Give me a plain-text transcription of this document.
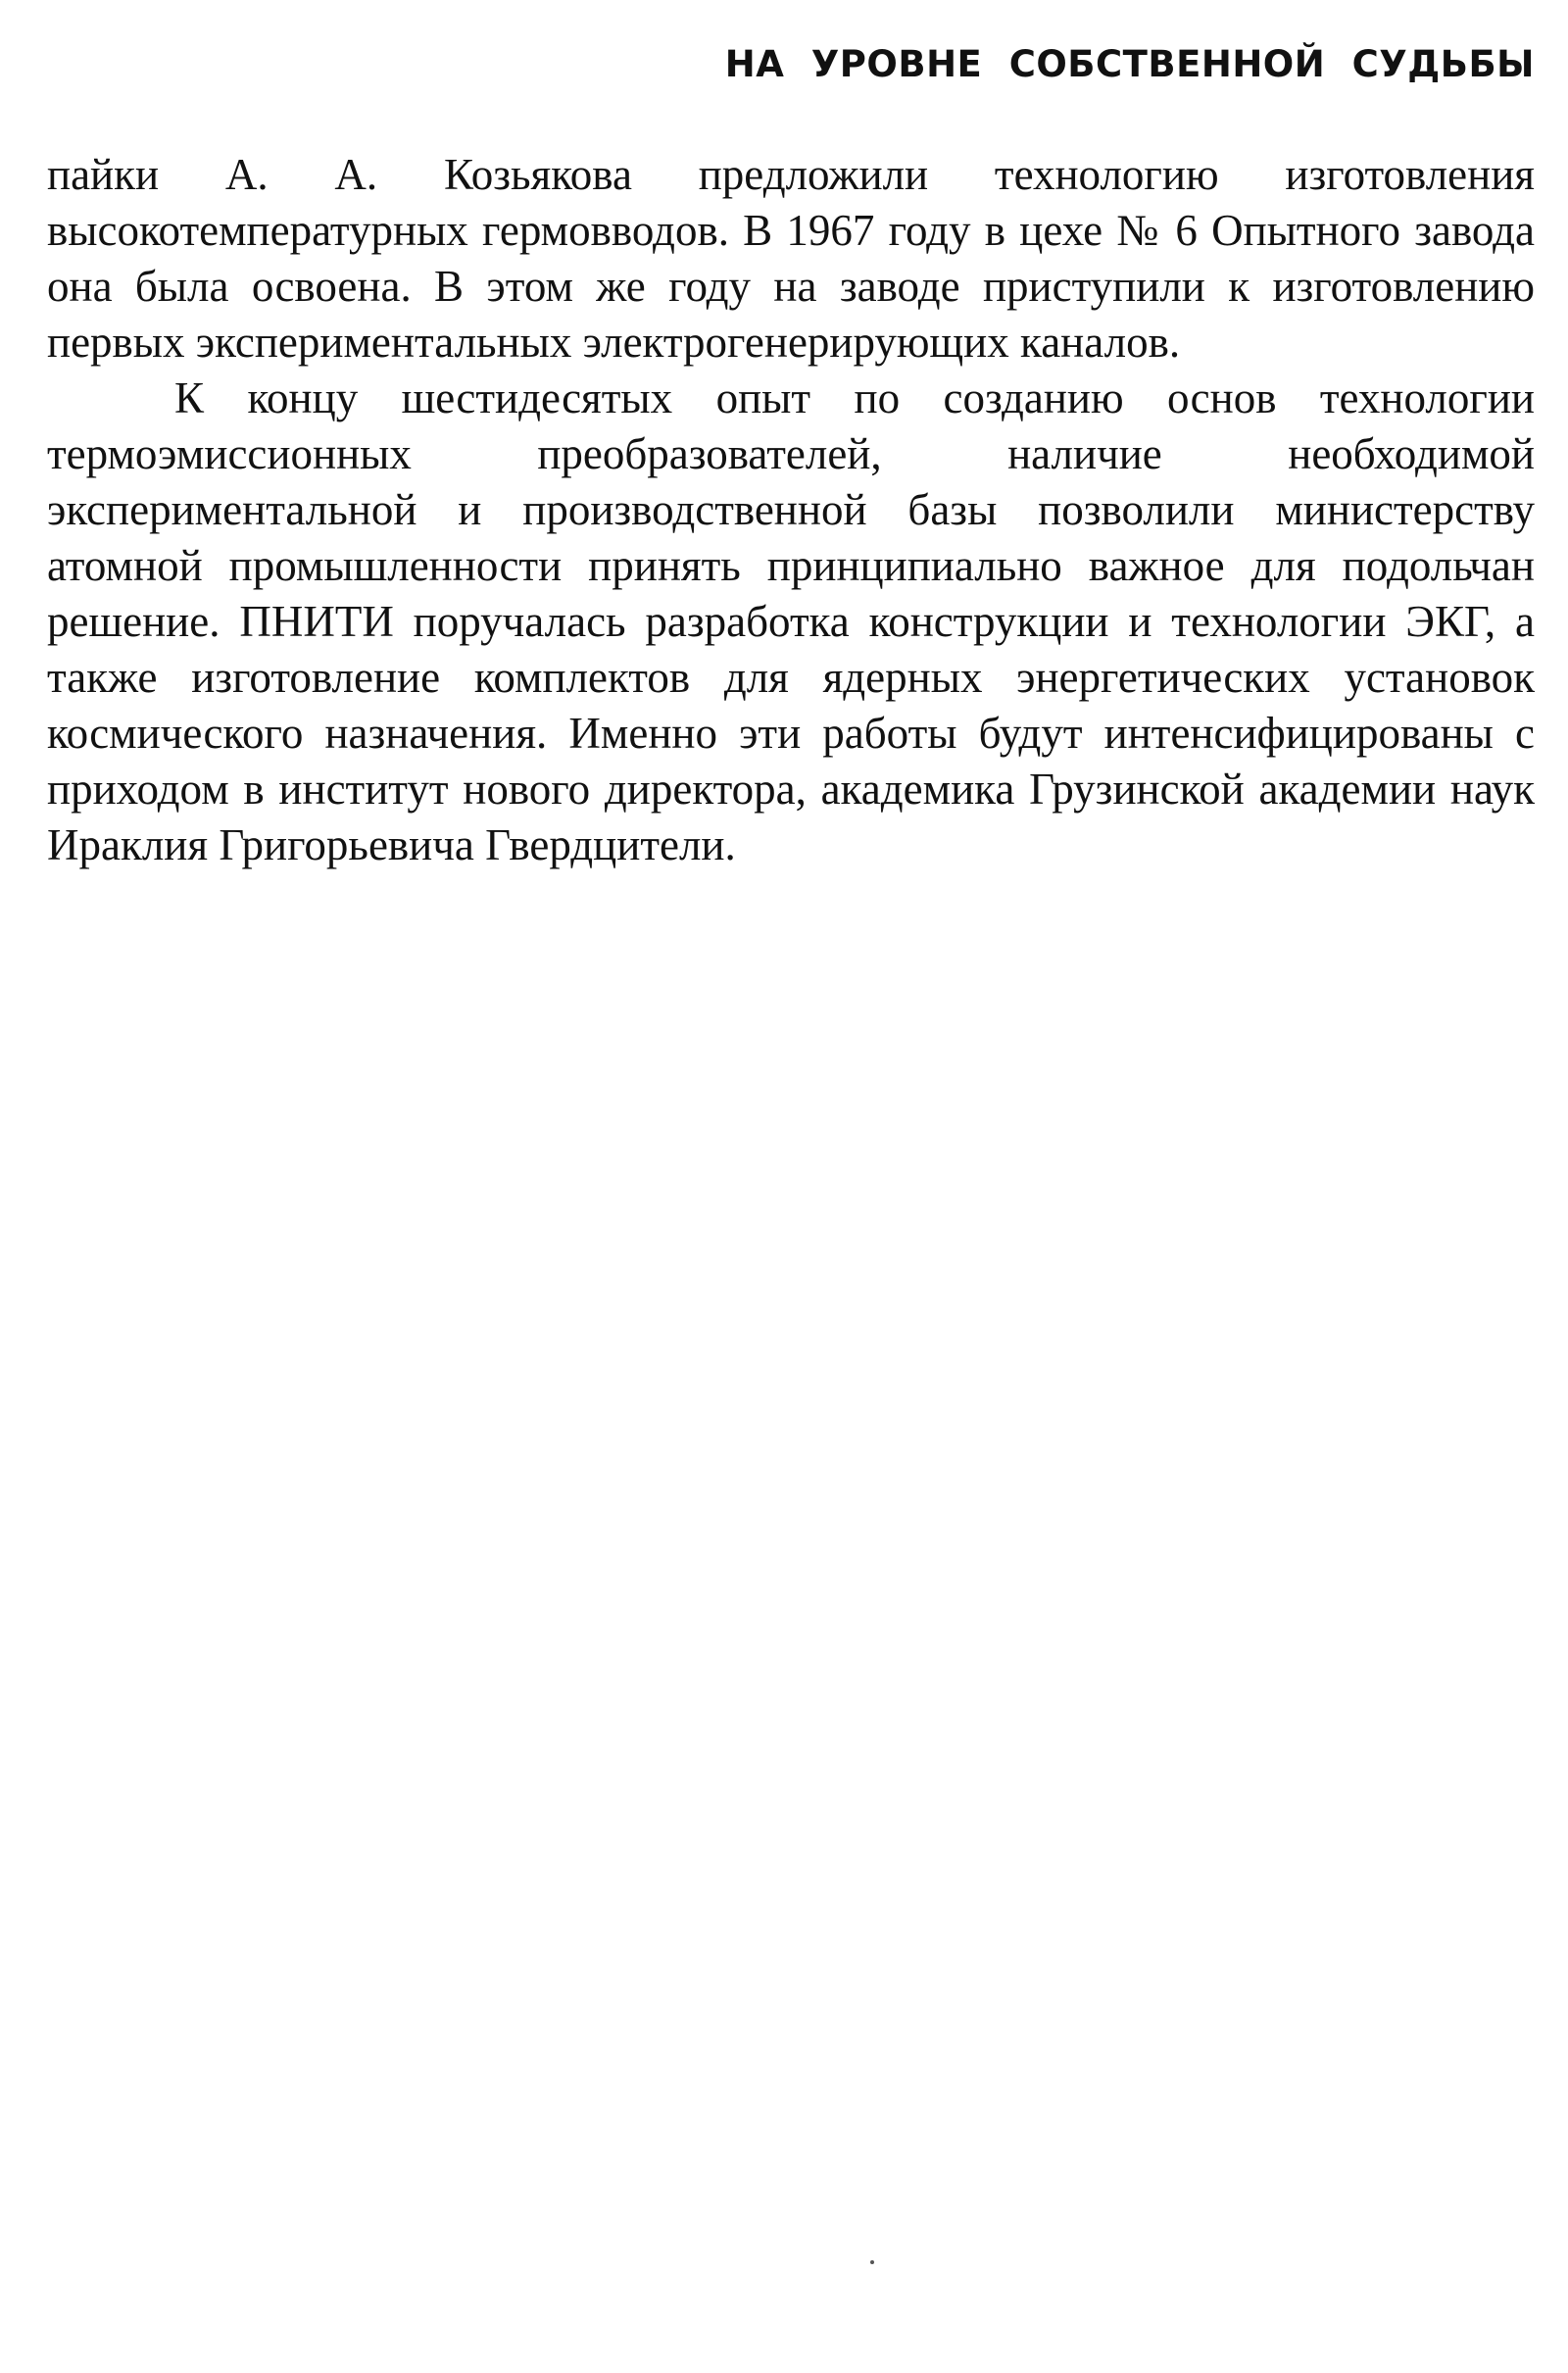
НА УРОВНЕ СОБСТВЕННОЙ СУДЬБЫ

пайки А. А. Козьякова предложили технологию изготовления высокотемпературных гермовводов. В 1967 году в цехе № 6 Опытного завода она была освоена. В этом же году на заводе приступили к изготовлению первых экспериментальных электрогенерирующих каналов.

К концу шестидесятых опыт по созданию основ технологии термоэмиссионных преобразователей, наличие необходимой экспериментальной и производственной базы позволили министерству атомной промышленности принять принципиально важное для подольчан решение. ПНИТИ поручалась разработка конструкции и технологии ЭКГ, а также изготовление комплектов для ядерных энергетических установок космического назначения. Именно эти работы будут интенсифицированы с приходом в институт нового директора, академика Грузинской академии наук Ираклия Григорьевича Гвердцители.
